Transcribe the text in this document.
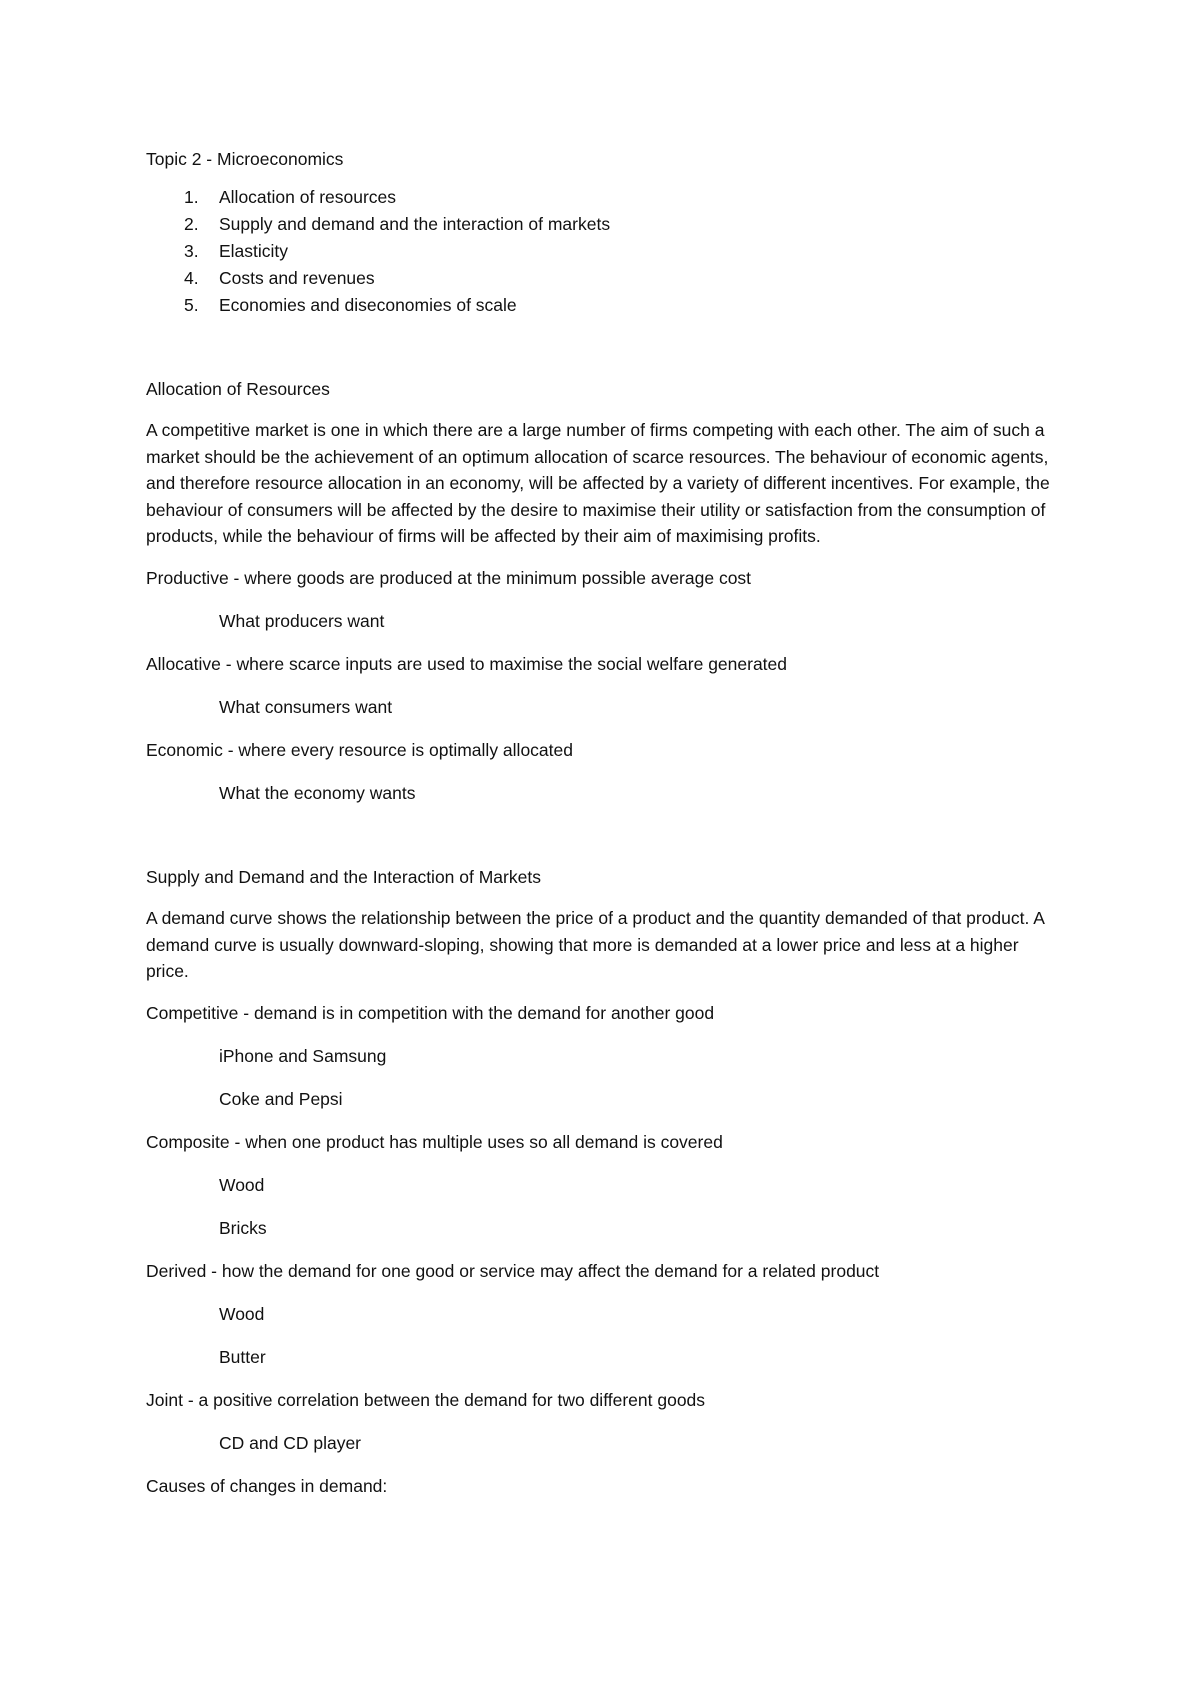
Topic 2 - Microeconomics

1. Allocation of resources
2. Supply and demand and the interaction of markets
3. Elasticity
4. Costs and revenues
5. Economies and diseconomies of scale

Allocation of Resources

A competitive market is one in which there are a large number of firms competing with each other. The aim of such a market should be the achievement of an optimum allocation of scarce resources. The behaviour of economic agents, and therefore resource allocation in an economy, will be affected by a variety of different incentives. For example, the behaviour of consumers will be affected by the desire to maximise their utility or satisfaction from the consumption of products, while the behaviour of firms will be affected by their aim of maximising profits.

Productive - where goods are produced at the minimum possible average cost

What producers want

Allocative - where scarce inputs are used to maximise the social welfare generated

What consumers want

Economic - where every resource is optimally allocated

What the economy wants

Supply and Demand and the Interaction of Markets

A demand curve shows the relationship between the price of a product and the quantity demanded of that product. A demand curve is usually downward-sloping, showing that more is demanded at a lower price and less at a higher price.

Competitive - demand is in competition with the demand for another good

iPhone and Samsung

Coke and Pepsi

Composite - when one product has multiple uses so all demand is covered

Wood

Bricks

Derived - how the demand for one good or service may affect the demand for a related product

Wood

Butter

Joint - a positive correlation between the demand for two different goods

CD and CD player

Causes of changes in demand:
